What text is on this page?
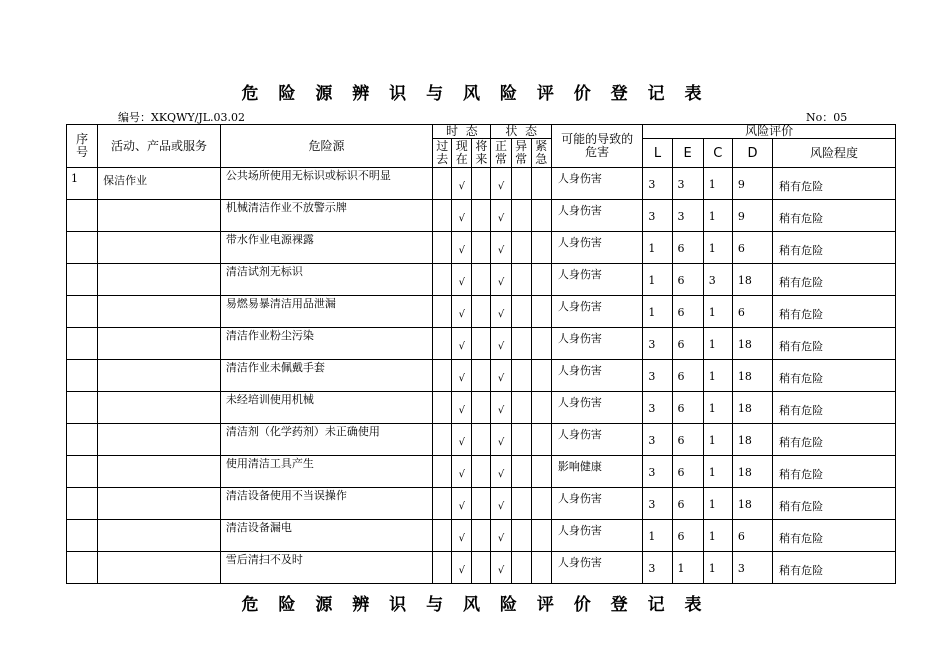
危 险 源 辨 识 与 风 险 评 价 登 记 表
编号：XKQWY/JL.03.02	No：05
序号	活动、产品或服务	危险源	时  态			状  态			可能的导致的危害	风险评价				
			过去	现在	将来	正常	异常	紧急		L	E	C	D	风险程度
1	保洁作业	公共场所使用无标识或标识不明显		√		√			人身伤害	3	3	1	9	稍有危险
		机械清洁作业不放警示牌		√		√			人身伤害	3	3	1	9	稍有危险
		带水作业电源裸露		√		√			人身伤害	1	6	1	6	稍有危险
		清洁试剂无标识		√		√			人身伤害	1	6	3	18	稍有危险
		易燃易暴清洁用品泄漏		√		√			人身伤害	1	6	1	6	稍有危险
		清洁作业粉尘污染		√		√			人身伤害	3	6	1	18	稍有危险
		清洁作业未佩戴手套		√		√			人身伤害	3	6	1	18	稍有危险
		未经培训使用机械		√		√			人身伤害	3	6	1	18	稍有危险
		清洁剂（化学药剂）未正确使用		√		√			人身伤害	3	6	1	18	稍有危险
		使用清洁工具产生		√		√			影响健康	3	6	1	18	稍有危险
		清洁设备使用不当误操作		√		√			人身伤害	3	6	1	18	稍有危险
		清洁设备漏电		√		√			人身伤害	1	6	1	6	稍有危险
		雪后清扫不及时		√		√			人身伤害	3	1	1	3	稍有危险
危 险 源 辨 识 与 风 险 评 价 登 记 表
